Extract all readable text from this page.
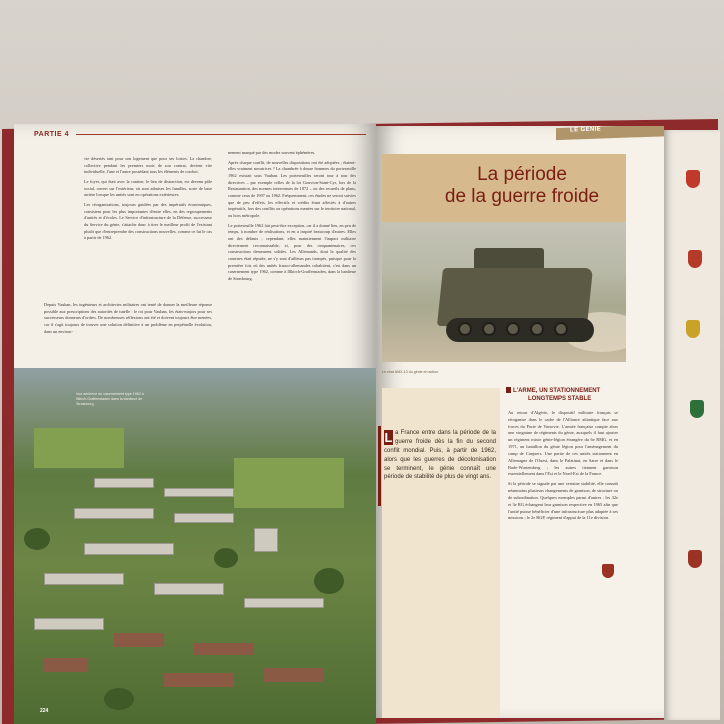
PARTIE 4

vie désertés tant pour son logement que pour ses loisirs. La chambre, collective pendant les premiers mois de son contrat, devient vite individuelle, l'une et l'autre possédant tous les éléments de confort.

Le foyer, qui était avec la cantine, le lieu de distraction, est devenu pôle social, ouvert sur l'extérieur, où sont admises les familles, sorte de base arrière lorsque les unités sont en opérations extérieures.

Les réorganisations, toujours guidées par des impératifs économiques, consistent pour les plus importantes d'entre elles, en des regroupements d'unités et d'écoles. Le Service d'infrastructure de la Défense, successeur du Service du génie, s'attache donc à tirer le meilleur profit de l'existant plutôt que d'entreprendre des constructions nouvelles, comme ce fut le cas à partir de 1962.

nement marqué par des modes souvent éphémères.

Après chaque conflit, de nouvelles dispositions ont été adoptées ; étaient-elles vraiment novatrices ? La chambrée à douze hommes du porteseuille 1962 existait sous Vauban. Les porteseuilles seront tour à tour des directives – par exemple celles de la loi Gouvion-Saint-Cyr, lors de la Restauration, des normes intervenues de 1872 – ou des recueils de plans, comme ceux de 1907 ou 1962. Fréquemment, ces études ne seront suivies que de peu d'effets, les effectifs et crédits étant affectés à d'autres impératifs, lors des conflits ou opérations menées sur le territoire national, ou hors métropole.

Le porteseuille 1962 fait peut-être exception, car il a donné lieu, en peu de temps, à nombre de réalisations, et en a inspiré beaucoup d'autres. Elles ont des défauts ; cependant, elles maintiennent l'impact militaire directement reconnaissable, et, pour des cinquantenaires, ces constructions demeurent solides. Les Allemands, dont la qualité des casernes était réputée, ne s'y sont d'ailleurs pas trompés, puisque pour la première fois où des unités franco-allemandes cohabitent, c'est dans un casernement type 1962, comme à Illkirch-Graffenstaden, dans la banlieue de Strasbourg.

Depuis Vauban, les ingénieurs et architectes militaires ont tenté de donner la meilleure réponse possible aux prescriptions des autorités de tutelle : le roi pour Vauban, les états-majors pour ses successeurs donneurs d'ordres. De nombreuses réflexions ont été et doivent toujours être menées, car il s'agit toujours de trouver une solution définitive à un problème en perpétuelle évolution, dans un environ-

Vue aérienne du casernement type 1962 à Illkirch-Graffenstaden dans la banlieue de Strasbourg.
224
LE GÉNIE
La période
de la guerre froide
Le char AMX-13 du génie en action.
L a France entre dans la période de la guerre froide dès la fin du second conflit mondial. Puis, à partir de 1962, alors que les guerres de décolonisation se terminent, le génie connaît une période de stabilité de plus de vingt ans.
L'ARME, UN STATIONNEMENT
LONGTEMPS STABLE

Au retour d'Algérie, le dispositif militaire français se réorganise dans le cadre de l'Alliance atlantique face aux forces du Pacte de Varsovie. L'armée française compte alors une vingtaine de régiments du génie, auxquels il faut ajouter un régiment mixte génie-légion étrangère du 6e RMG, et en 1971, un bataillon du génie légion pour l'aménagement du camp de Canjuers. Une partie de ces unités stationnent en Allemagne de l'Ouest, dans le Palatinat, en Sarre et dans le Bade-Wurtemberg ; les autres tiennent garnison essentiellement dans l'Est et le Nord-Est de la France.

Si la période se signale par une certaine stabilité, elle connaît néanmoins plusieurs changements de garnison, de structure ou de subordination. Quelques exemples parmi d'autres : les 32e et 3e RG échangent leur garnison respective en 1965 afin que l'unité puisse bénéficier d'une infrastructure plus adaptée à ses missions ; le 2e RGP, régiment d'appui de la 11e division.
